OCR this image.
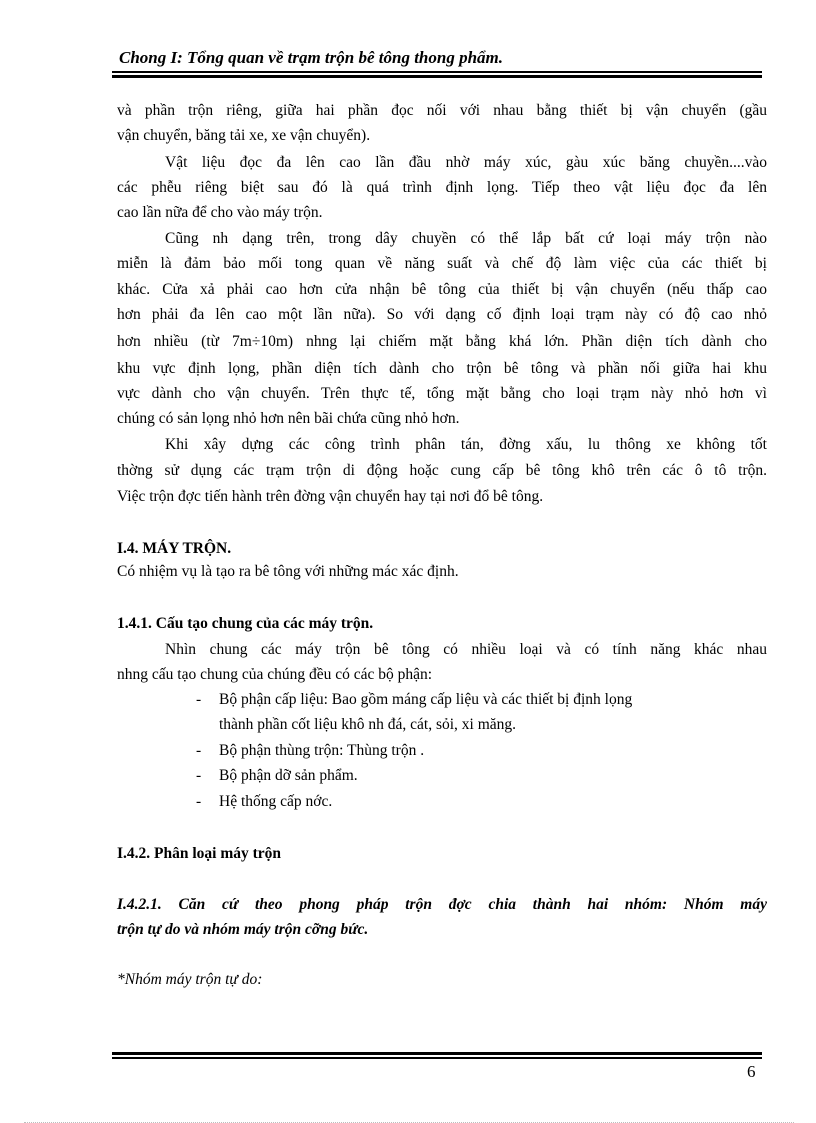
Chong I: Tổng quan về trạm trộn bê tông thong phẩm.
và phần trộn riêng, giữa hai phần đọc nối với nhau bằng thiết bị vận chuyển (gầu
vận chuyển, băng tải xe, xe vận chuyển).
Vật liệu đọc đa lên cao lần đầu nhờ máy xúc, gàu xúc băng chuyền....vào
các phễu riêng biệt sau đó là quá trình định lọng. Tiếp theo vật liệu đọc đa lên
cao lần nữa để cho vào máy trộn.
Cũng nh dạng trên, trong dây chuyền có thể lắp bất cứ loại máy trộn nào
miễn là đảm bảo mối tong quan về năng suất và chế độ làm việc của các thiết bị
khác. Cửa xả phải cao hơn cửa nhận bê tông của thiết bị vận chuyển (nếu thấp cao
hơn phải đa lên cao một lần nữa). So với dạng cố định loại trạm này có độ cao nhỏ
hơn nhiều (từ 7m÷10m) nhng lại chiếm mặt bằng khá lớn. Phần diện tích dành cho
khu vực định lọng, phần diện tích dành cho trộn bê tông và phần nối giữa hai khu
vực dành cho vận chuyển. Trên thực tế, tổng mặt bằng cho loại trạm này nhỏ hơn vì
chúng có sản lọng nhỏ hơn nên bãi chứa cũng nhỏ hơn.
Khi xây dựng các công trình phân tán, đờng xấu, lu thông xe không tốt
thờng sử dụng các trạm trộn di động hoặc cung cấp bê tông khô trên các ô tô trộn.
Việc trộn đợc tiến hành trên đờng vận chuyển hay tại nơi đổ bê tông.
I.4. MÁY TRỘN.
Có nhiệm vụ là tạo ra bê tông với những mác xác định.
1.4.1. Cấu tạo chung của các máy trộn.
Nhìn chung các máy trộn bê tông có nhiều loại và có tính năng khác nhau
nhng cấu tạo chung của chúng đều có các bộ phận:
- Bộ phận cấp liệu: Bao gồm máng cấp liệu và các thiết bị định lọng
thành phần cốt liệu khô nh đá, cát, sỏi, xi măng.
- Bộ phận thùng trộn: Thùng trộn .
- Bộ phận dỡ sản phẩm.
- Hệ thống cấp nớc.
I.4.2. Phân loại máy trộn
I.4.2.1. Căn cứ theo phong pháp trộn đợc chia thành hai nhóm: Nhóm máy
trộn tự do và nhóm máy trộn cỡng bức.
*Nhóm máy trộn tự do:
6
